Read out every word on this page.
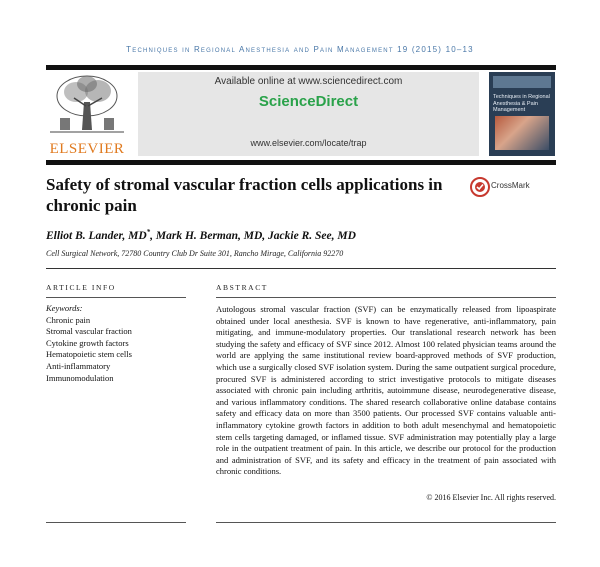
Techniques in Regional Anesthesia and Pain Management 19 (2015) 10–13
ELSEVIER
Available online at www.sciencedirect.com
ScienceDirect
www.elsevier.com/locate/trap
Techniques in Regional Anesthesia & Pain Management
Safety of stromal vascular fraction cells applications in chronic pain
CrossMark
Elliot B. Lander, MD*, Mark H. Berman, MD, Jackie R. See, MD
Cell Surgical Network, 72780 Country Club Dr Suite 301, Rancho Mirage, California 92270
ARTICLE INFO	ABSTRACT
Keywords:
Chronic pain
Stromal vascular fraction
Cytokine growth factors
Hematopoietic stem cells
Anti-inflammatory
Immunomodulation
Autologous stromal vascular fraction (SVF) can be enzymatically released from lipoaspirate obtained under local anesthesia. SVF is known to have regenerative, anti-inflammatory, pain mitigating, and immune-modulatory properties. Our translational research network has been studying the safety and efficacy of SVF since 2012. Almost 100 related physician teams around the world are applying the same institutional review board-approved methods of SVF production, which use a surgically closed SVF isolation system. During the same outpatient surgical procedure, procured SVF is administered according to strict investigative protocols to mitigate diseases associated with chronic pain including arthritis, autoimmune disease, neurodegenerative disease, and various inflammatory conditions. The shared research collaborative online database contains safety and efficacy data on more than 3500 patients. Our processed SVF contains valuable anti-inflammatory cytokine growth factors in addition to both adult mesenchymal and hematopoietic stem cells targeting damaged, or inflamed tissue. SVF administration may potentially play a large role in the outpatient treatment of pain. In this article, we describe our protocol for the production and administration of SVF, and its safety and efficacy in the treatment of pain associated with chronic conditions.
© 2016 Elsevier Inc. All rights reserved.
